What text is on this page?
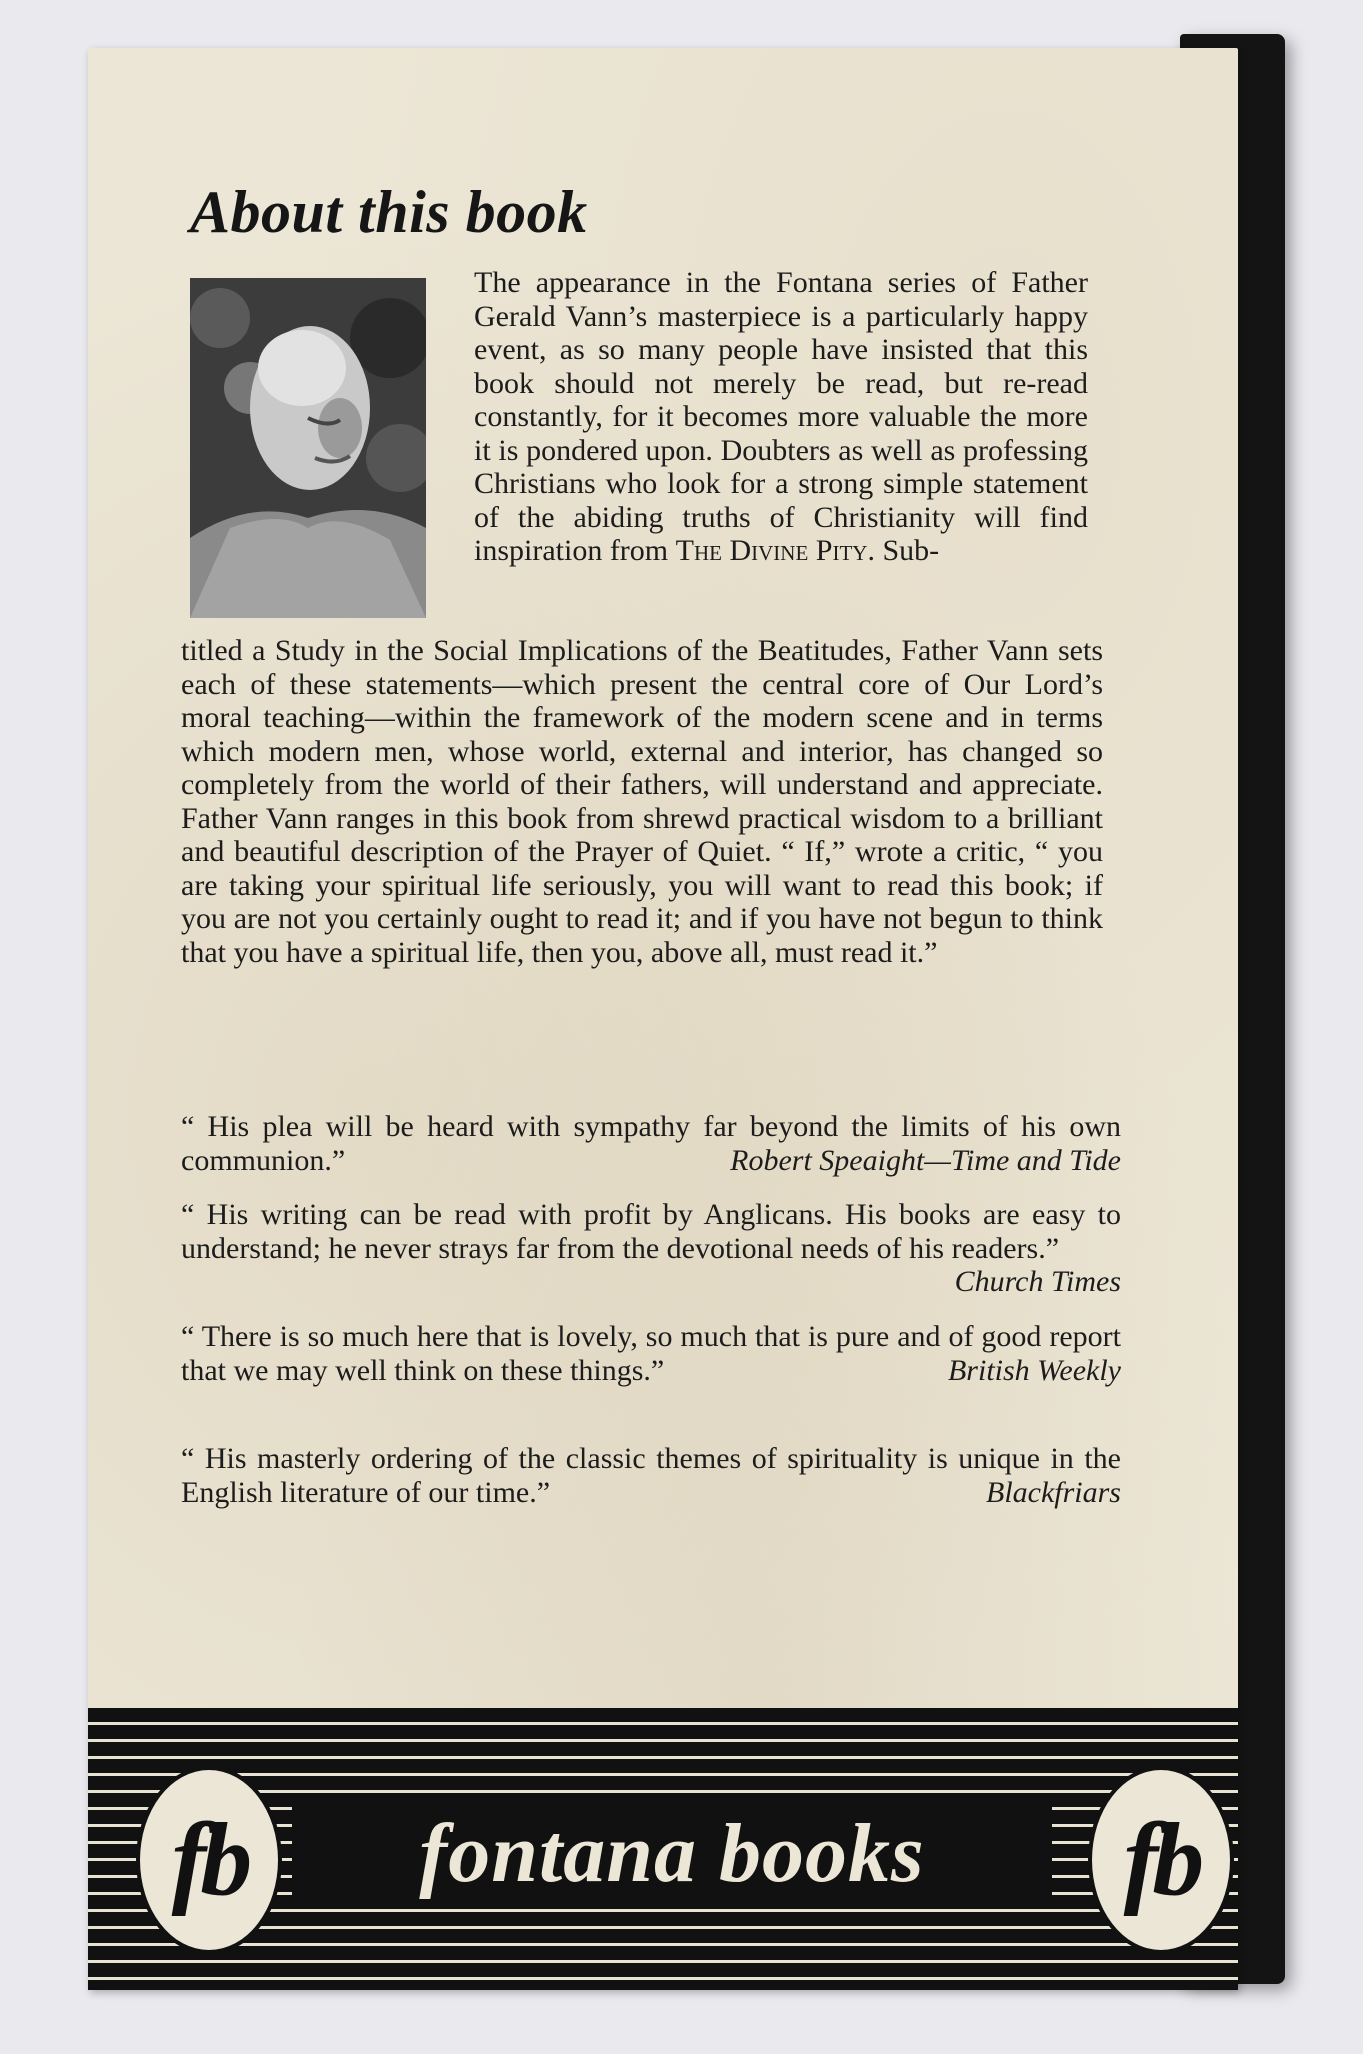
About this book

The appearance in the Fontana series of Father Gerald Vann’s masterpiece is a particularly happy event, as so many people have insisted that this book should not merely be read, but re-read constantly, for it becomes more valuable the more it is pondered upon. Doubters as well as professing Christians who look for a strong simple statement of the abiding truths of Christianity will find inspiration from The Divine Pity. Sub-

titled a Study in the Social Implications of the Beatitudes, Father Vann sets each of these statements—which present the central core of Our Lord’s moral teaching—within the framework of the modern scene and in terms which modern men, whose world, external and interior, has changed so completely from the world of their fathers, will understand and appreciate. Father Vann ranges in this book from shrewd practical wisdom to a brilliant and beautiful description of the Prayer of Quiet. “ If,” wrote a critic, “ you are taking your spiritual life seriously, you will want to read this book; if you are not you certainly ought to read it; and if you have not begun to think that you have a spiritual life, then you, above all, must read it.”

“ His plea will be heard with sympathy far beyond the limits of his own communion.”	Robert Speaight—Time and Tide

“ His writing can be read with profit by Anglicans. His books are easy to understand; he never strays far from the devotional needs of his readers.”
Church Times

“ There is so much here that is lovely, so much that is pure and of good report that we may well think on these things.”	British Weekly

“ His masterly ordering of the classic themes of spirituality is unique in the English literature of our time.”	Blackfriars

fontana books

fb	fb
